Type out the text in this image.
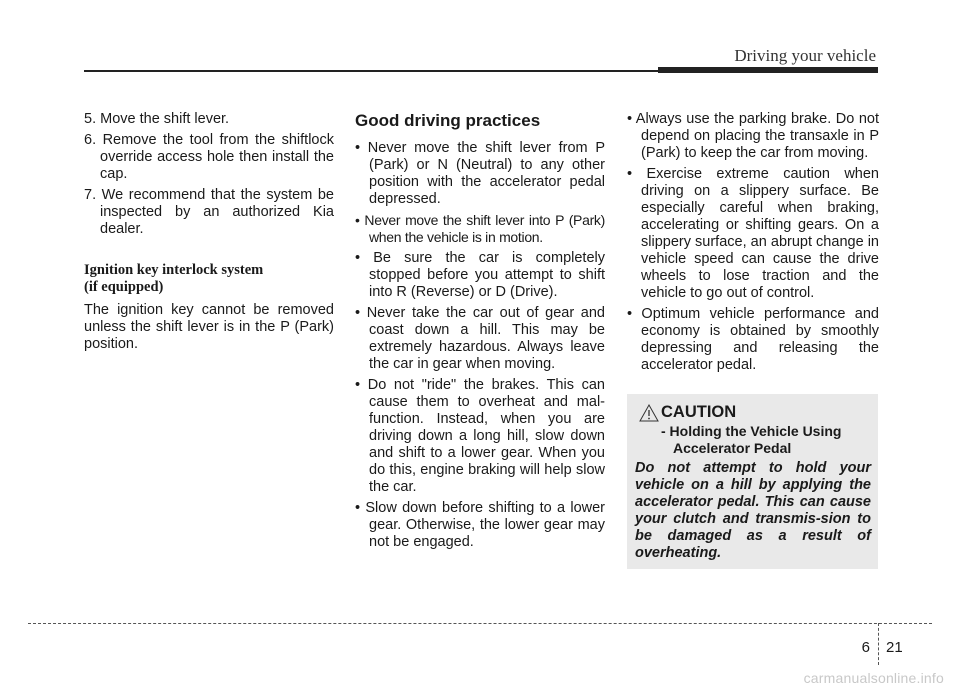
Driving your vehicle

5. Move the shift lever.

6. Remove the tool from the shiftlock override access hole then install the cap.

7. We recommend that the system be inspected by an authorized Kia dealer.

Ignition key interlock system
(if equipped)

The ignition key cannot be removed unless the shift lever is in the P (Park) position.

Good driving practices

• Never move the shift lever from P (Park) or N (Neutral) to any other position with the accelerator pedal depressed.

• Never move the shift lever into P (Park) when the vehicle is in motion.

• Be sure the car is completely stopped before you attempt to shift into R (Reverse) or D (Drive).

• Never take the car out of gear and coast down a hill. This may be extremely hazardous. Always leave the car in gear when moving.

• Do not "ride" the brakes. This can cause them to overheat and mal-function. Instead, when you are driving down a long hill, slow down and shift to a lower gear. When you do this, engine braking will help slow the car.

• Slow down before shifting to a lower gear. Otherwise, the lower gear may not be engaged.

• Always use the parking brake. Do not depend on placing the transaxle in P (Park) to keep the car from moving.

• Exercise extreme caution when driving on a slippery surface. Be especially careful when braking, accelerating or shifting gears. On a slippery surface, an abrupt change in vehicle speed can cause the drive wheels to lose traction and the vehicle to go out of control.

• Optimum vehicle performance and economy is obtained by smoothly depressing and releasing the accelerator pedal.

CAUTION
- Holding the Vehicle Using Accelerator Pedal
Do not attempt to hold your vehicle on a hill by applying the accelerator pedal. This can cause your clutch and transmis-sion to be damaged as a result of overheating.
6 21
carmanualsonline.info
